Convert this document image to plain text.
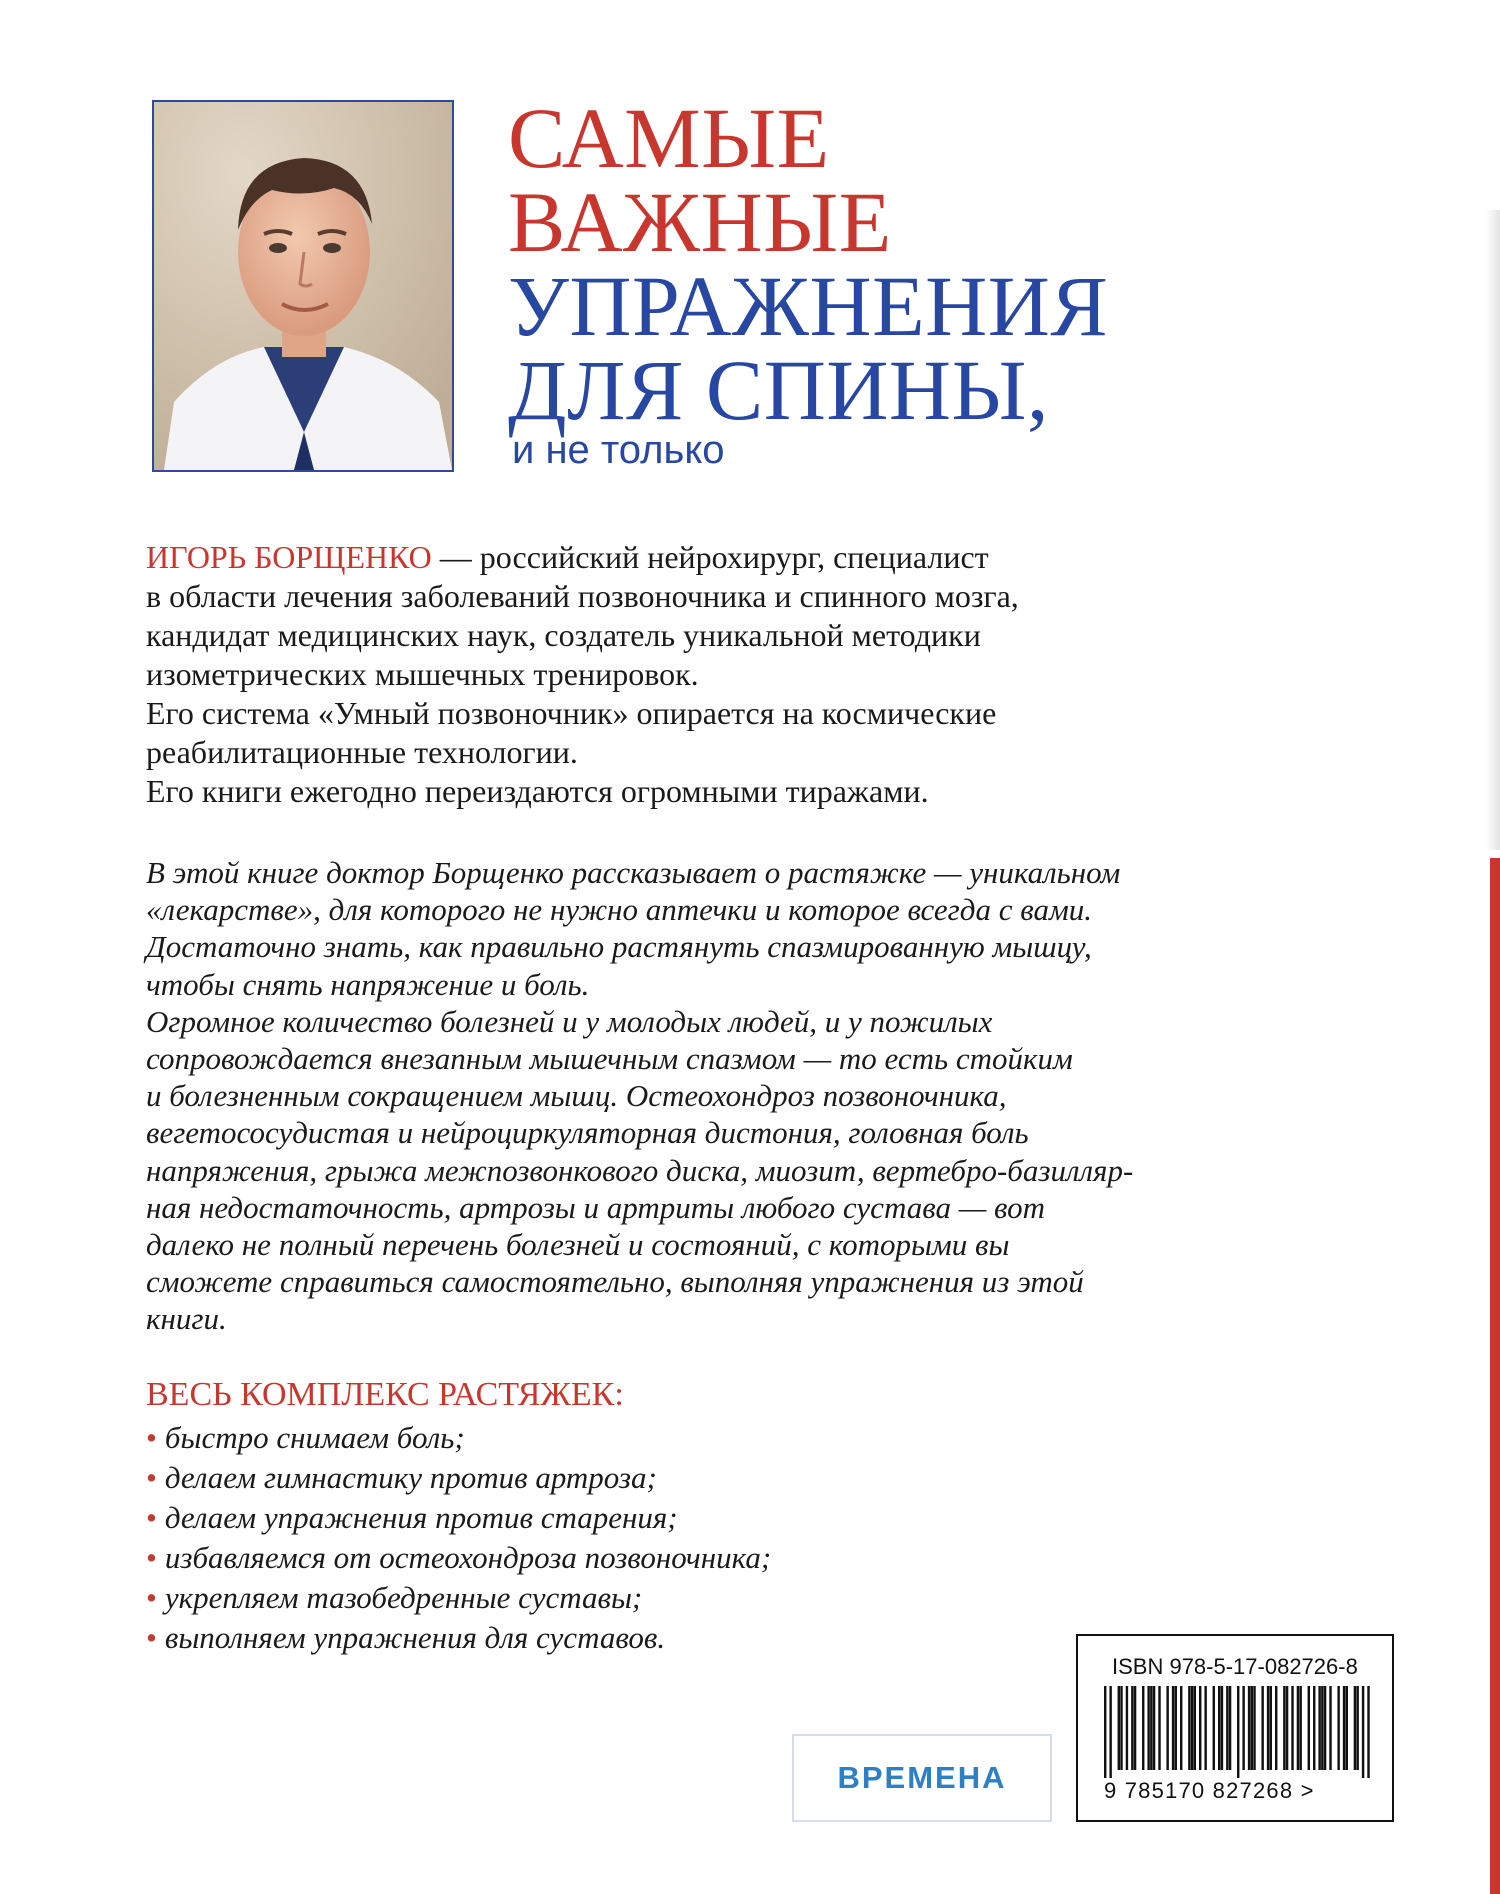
САМЫЕ
ВАЖНЫЕ
УПРАЖНЕНИЯ
ДЛЯ СПИНЫ,
и не только
ИГОРЬ БОРЩЕНКО — российский нейрохирург, специалист
в области лечения заболеваний позвоночника и спинного мозга,
кандидат медицинских наук, создатель уникальной методики
изометрических мышечных тренировок.
Его система «Умный позвоночник» опирается на космические
реабилитационные технологии.
Его книги ежегодно переиздаются огромными тиражами.
В этой книге доктор Борщенко рассказывает о растяжке — уникальном
«лекарстве», для которого не нужно аптечки и которое всегда с вами.
Достаточно знать, как правильно растянуть спазмированную мышцу,
чтобы снять напряжение и боль.
Огромное количество болезней и у молодых людей, и у пожилых
сопровождается внезапным мышечным спазмом — то есть стойким
и болезненным сокращением мышц. Остеохондроз позвоночника,
вегетососудистая и нейроциркуляторная дистония, головная боль
напряжения, грыжа межпозвонкового диска, миозит, вертебро-базилляр-
ная недостаточность, артрозы и артриты любого сустава — вот
далеко не полный перечень болезней и состояний, с которыми вы
сможете справиться самостоятельно, выполняя упражнения из этой
книги.
ВЕСЬ КОМПЛЕКС РАСТЯЖЕК:
• быстро снимаем боль;
• делаем гимнастику против артроза;
• делаем упражнения против старения;
• избавляемся от остеохондроза позвоночника;
• укрепляем тазобедренные суставы;
• выполняем упражнения для суставов.
ВРЕМЕНА
ISBN 978-5-17-082726-8
9 785170 827268 >
